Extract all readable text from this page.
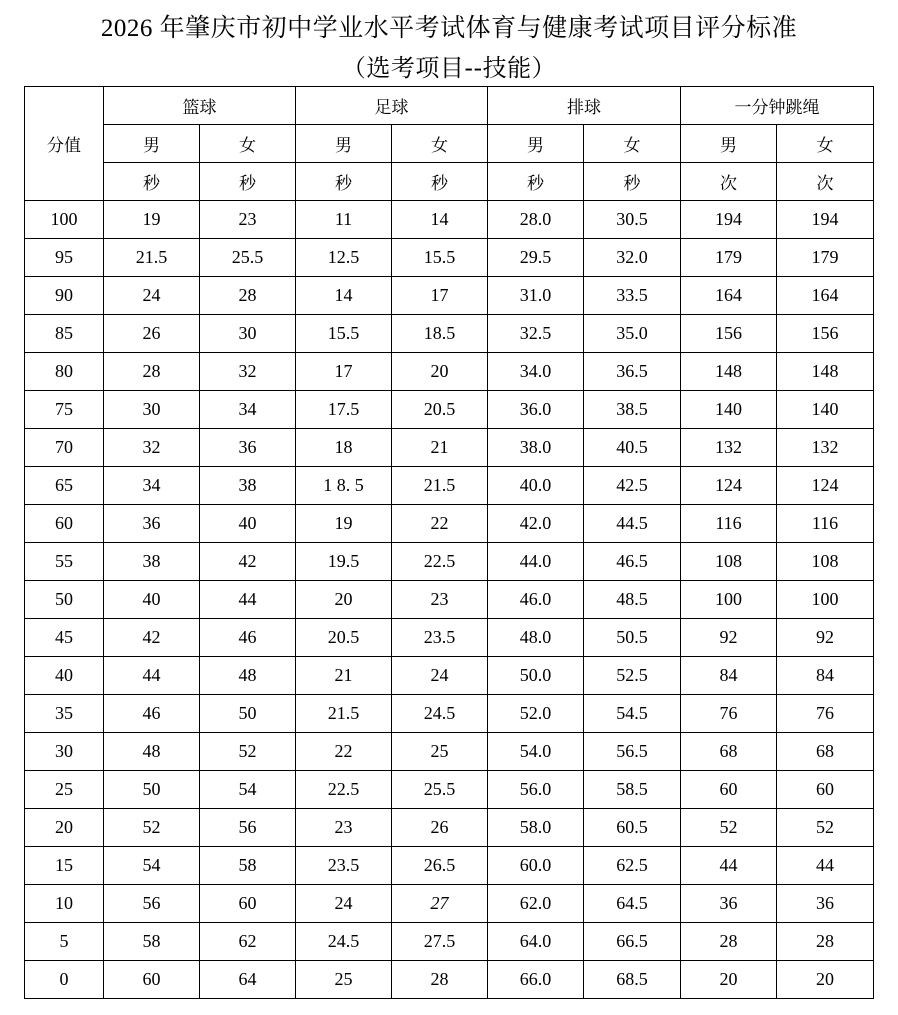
2026 年肇庆市初中学业水平考试体育与健康考试项目评分标准
（选考项目--技能）
分值	篮球		足球		排球		一分钟跳绳	
	男	女	男	女	男	女	男	女
	秒	秒	秒	秒	秒	秒	次	次
100	19	23	11	14	28.0	30.5	194	194
95	21.5	25.5	12.5	15.5	29.5	32.0	179	179
90	24	28	14	17	31.0	33.5	164	164
85	26	30	15.5	18.5	32.5	35.0	156	156
80	28	32	17	20	34.0	36.5	148	148
75	30	34	17.5	20.5	36.0	38.5	140	140
70	32	36	18	21	38.0	40.5	132	132
65	34	38	1 8. 5	21.5	40.0	42.5	124	124
60	36	40	19	22	42.0	44.5	116	116
55	38	42	19.5	22.5	44.0	46.5	108	108
50	40	44	20	23	46.0	48.5	100	100
45	42	46	20.5	23.5	48.0	50.5	92	92
40	44	48	21	24	50.0	52.5	84	84
35	46	50	21.5	24.5	52.0	54.5	76	76
30	48	52	22	25	54.0	56.5	68	68
25	50	54	22.5	25.5	56.0	58.5	60	60
20	52	56	23	26	58.0	60.5	52	52
15	54	58	23.5	26.5	60.0	62.5	44	44
10	56	60	24	27	62.0	64.5	36	36
5	58	62	24.5	27.5	64.0	66.5	28	28
0	60	64	25	28	66.0	68.5	20	20
